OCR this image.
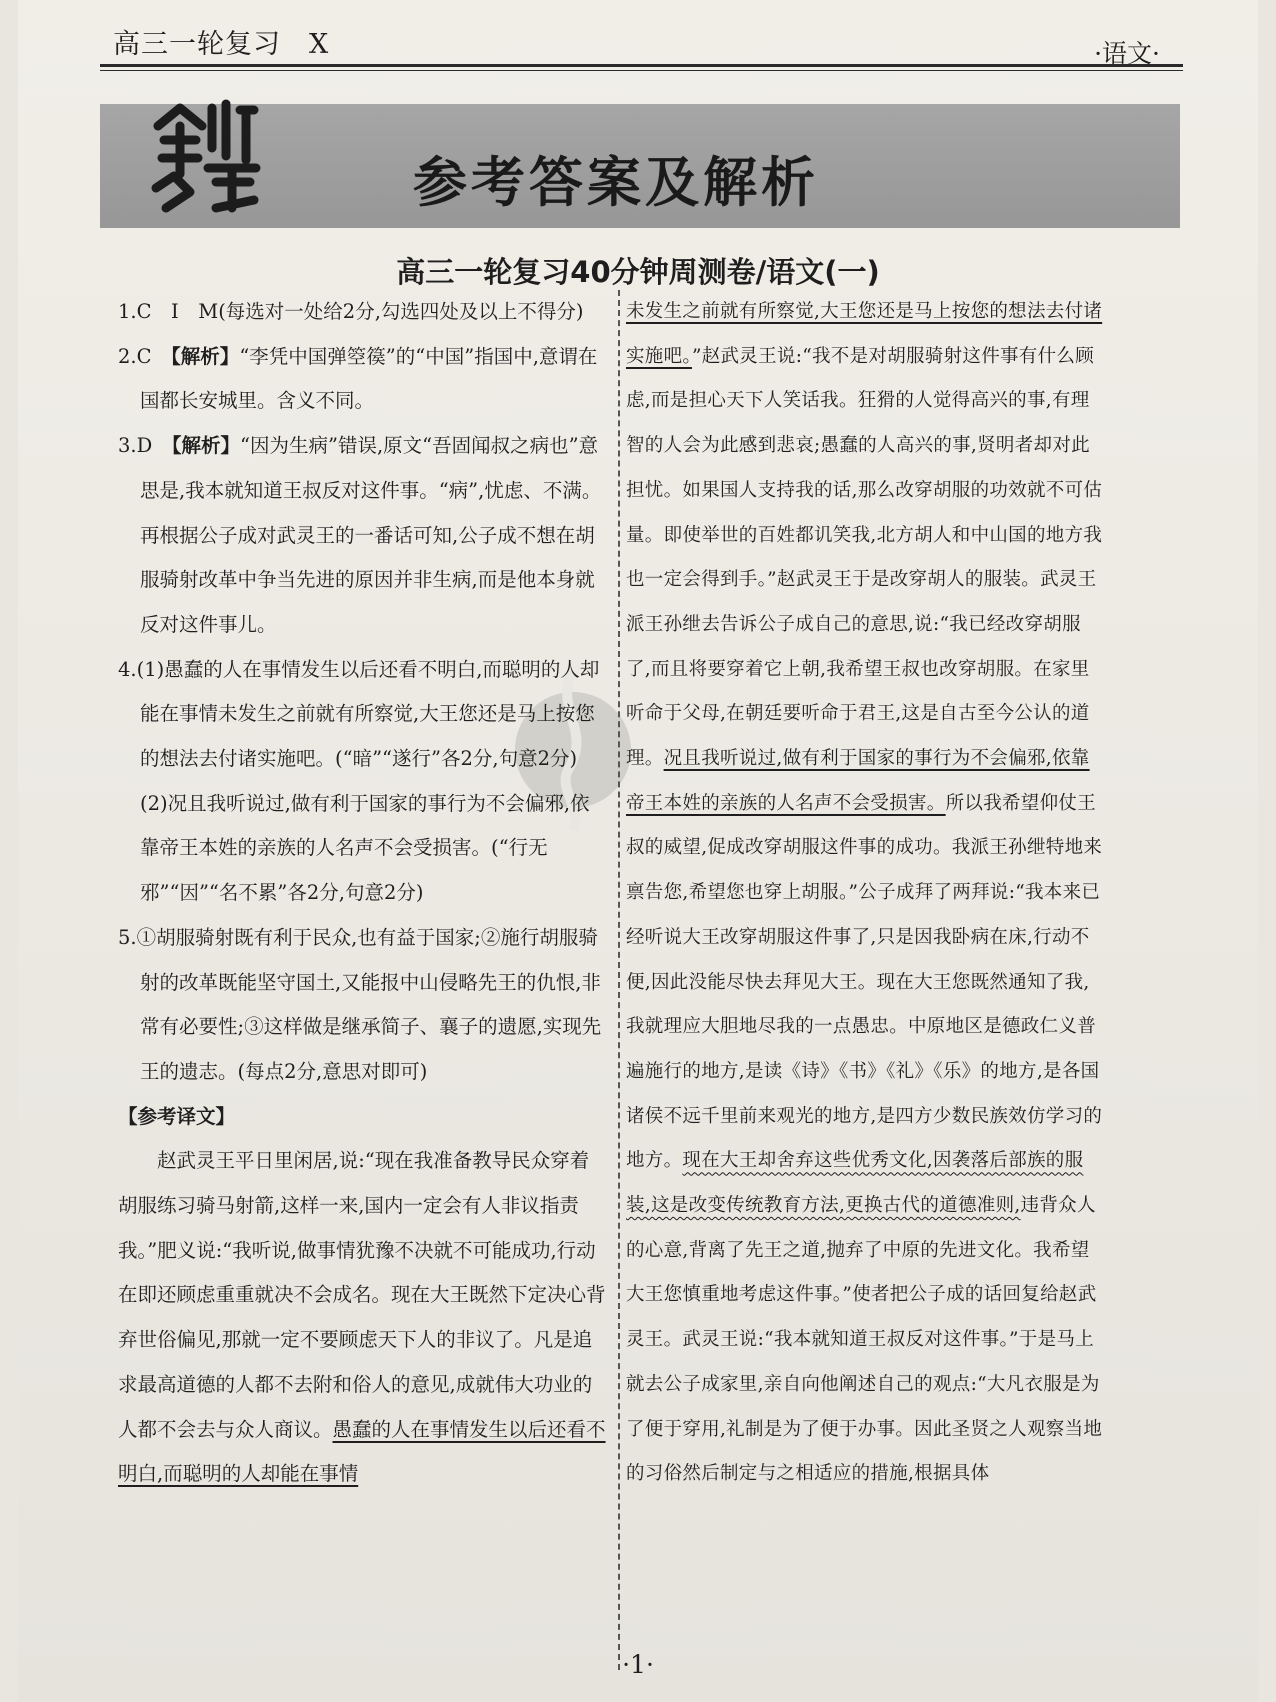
高三一轮复习　X	·语文·
参考答案及解析
高三一轮复习40分钟周测卷/语文(一)

1.C　I　M(每选对一处给2分,勾选四处及以上不得分)

2.C　 【解析】“李凭中国弹箜篌”的“中国”指国中,意谓在国都长安城里。含义不同。

3.D　 【解析】“因为生病”错误,原文“吾固闻叔之病也”意思是,我本就知道王叔反对这件事。“病”,忧虑、不满。再根据公子成对武灵王的一番话可知,公子成不想在胡服骑射改革中争当先进的原因并非生病,而是他本身就反对这件事儿。

4.(1)愚蠢的人在事情发生以后还看不明白,而聪明的人却能在事情未发生之前就有所察觉,大王您还是马上按您的想法去付诸实施吧。(“暗”“遂行”各2分,句意2分)

(2)况且我听说过,做有利于国家的事行为不会偏邪,依靠帝王本姓的亲族的人名声不会受损害。(“行无邪”“因”“名不累”各2分,句意2分)

5.①胡服骑射既有利于民众,也有益于国家;②施行胡服骑射的改革既能坚守国土,又能报中山侵略先王的仇恨,非常有必要性;③这样做是继承简子、襄子的遗愿,实现先王的遗志。(每点2分,意思对即可)

【参考译文】

赵武灵王平日里闲居,说:“现在我准备教导民众穿着胡服练习骑马射箭,这样一来,国内一定会有人非议指责我。”肥义说:“我听说,做事情犹豫不决就不可能成功,行动在即还顾虑重重就决不会成名。现在大王既然下定决心背弃世俗偏见,那就一定不要顾虑天下人的非议了。凡是追求最高道德的人都不去附和俗人的意见,成就伟大功业的人都不会去与众人商议。愚蠢的人在事情发生以后还看不明白,而聪明的人却能在事情

未发生之前就有所察觉,大王您还是马上按您的想法去付诸实施吧。”赵武灵王说:“我不是对胡服骑射这件事有什么顾虑,而是担心天下人笑话我。狂猾的人觉得高兴的事,有理智的人会为此感到悲哀;愚蠢的人高兴的事,贤明者却对此担忧。如果国人支持我的话,那么改穿胡服的功效就不可估量。即使举世的百姓都讥笑我,北方胡人和中山国的地方我也一定会得到手。”赵武灵王于是改穿胡人的服装。武灵王派王孙绁去告诉公子成自己的意思,说:“我已经改穿胡服了,而且将要穿着它上朝,我希望王叔也改穿胡服。在家里听命于父母,在朝廷要听命于君王,这是自古至今公认的道理。况且我听说过,做有利于国家的事行为不会偏邪,依靠帝王本姓的亲族的人名声不会受损害。所以我希望仰仗王叔的威望,促成改穿胡服这件事的成功。我派王孙绁特地来禀告您,希望您也穿上胡服。”公子成拜了两拜说:“我本来已经听说大王改穿胡服这件事了,只是因我卧病在床,行动不便,因此没能尽快去拜见大王。现在大王您既然通知了我,我就理应大胆地尽我的一点愚忠。中原地区是德政仁义普遍施行的地方,是读《诗》《书》《礼》《乐》的地方,是各国诸侯不远千里前来观光的地方,是四方少数民族效仿学习的地方。现在大王却舍弃这些优秀文化,因袭落后部族的服装,这是改变传统教育方法,更换古代的道德准则,违背众人的心意,背离了先王之道,抛弃了中原的先进文化。我希望大王您慎重地考虑这件事。”使者把公子成的话回复给赵武灵王。武灵王说:“我本就知道王叔反对这件事。”于是马上就去公子成家里,亲自向他阐述自己的观点:“大凡衣服是为了便于穿用,礼制是为了便于办事。因此圣贤之人观察当地的习俗然后制定与之相适应的措施,根据具体

·1·
